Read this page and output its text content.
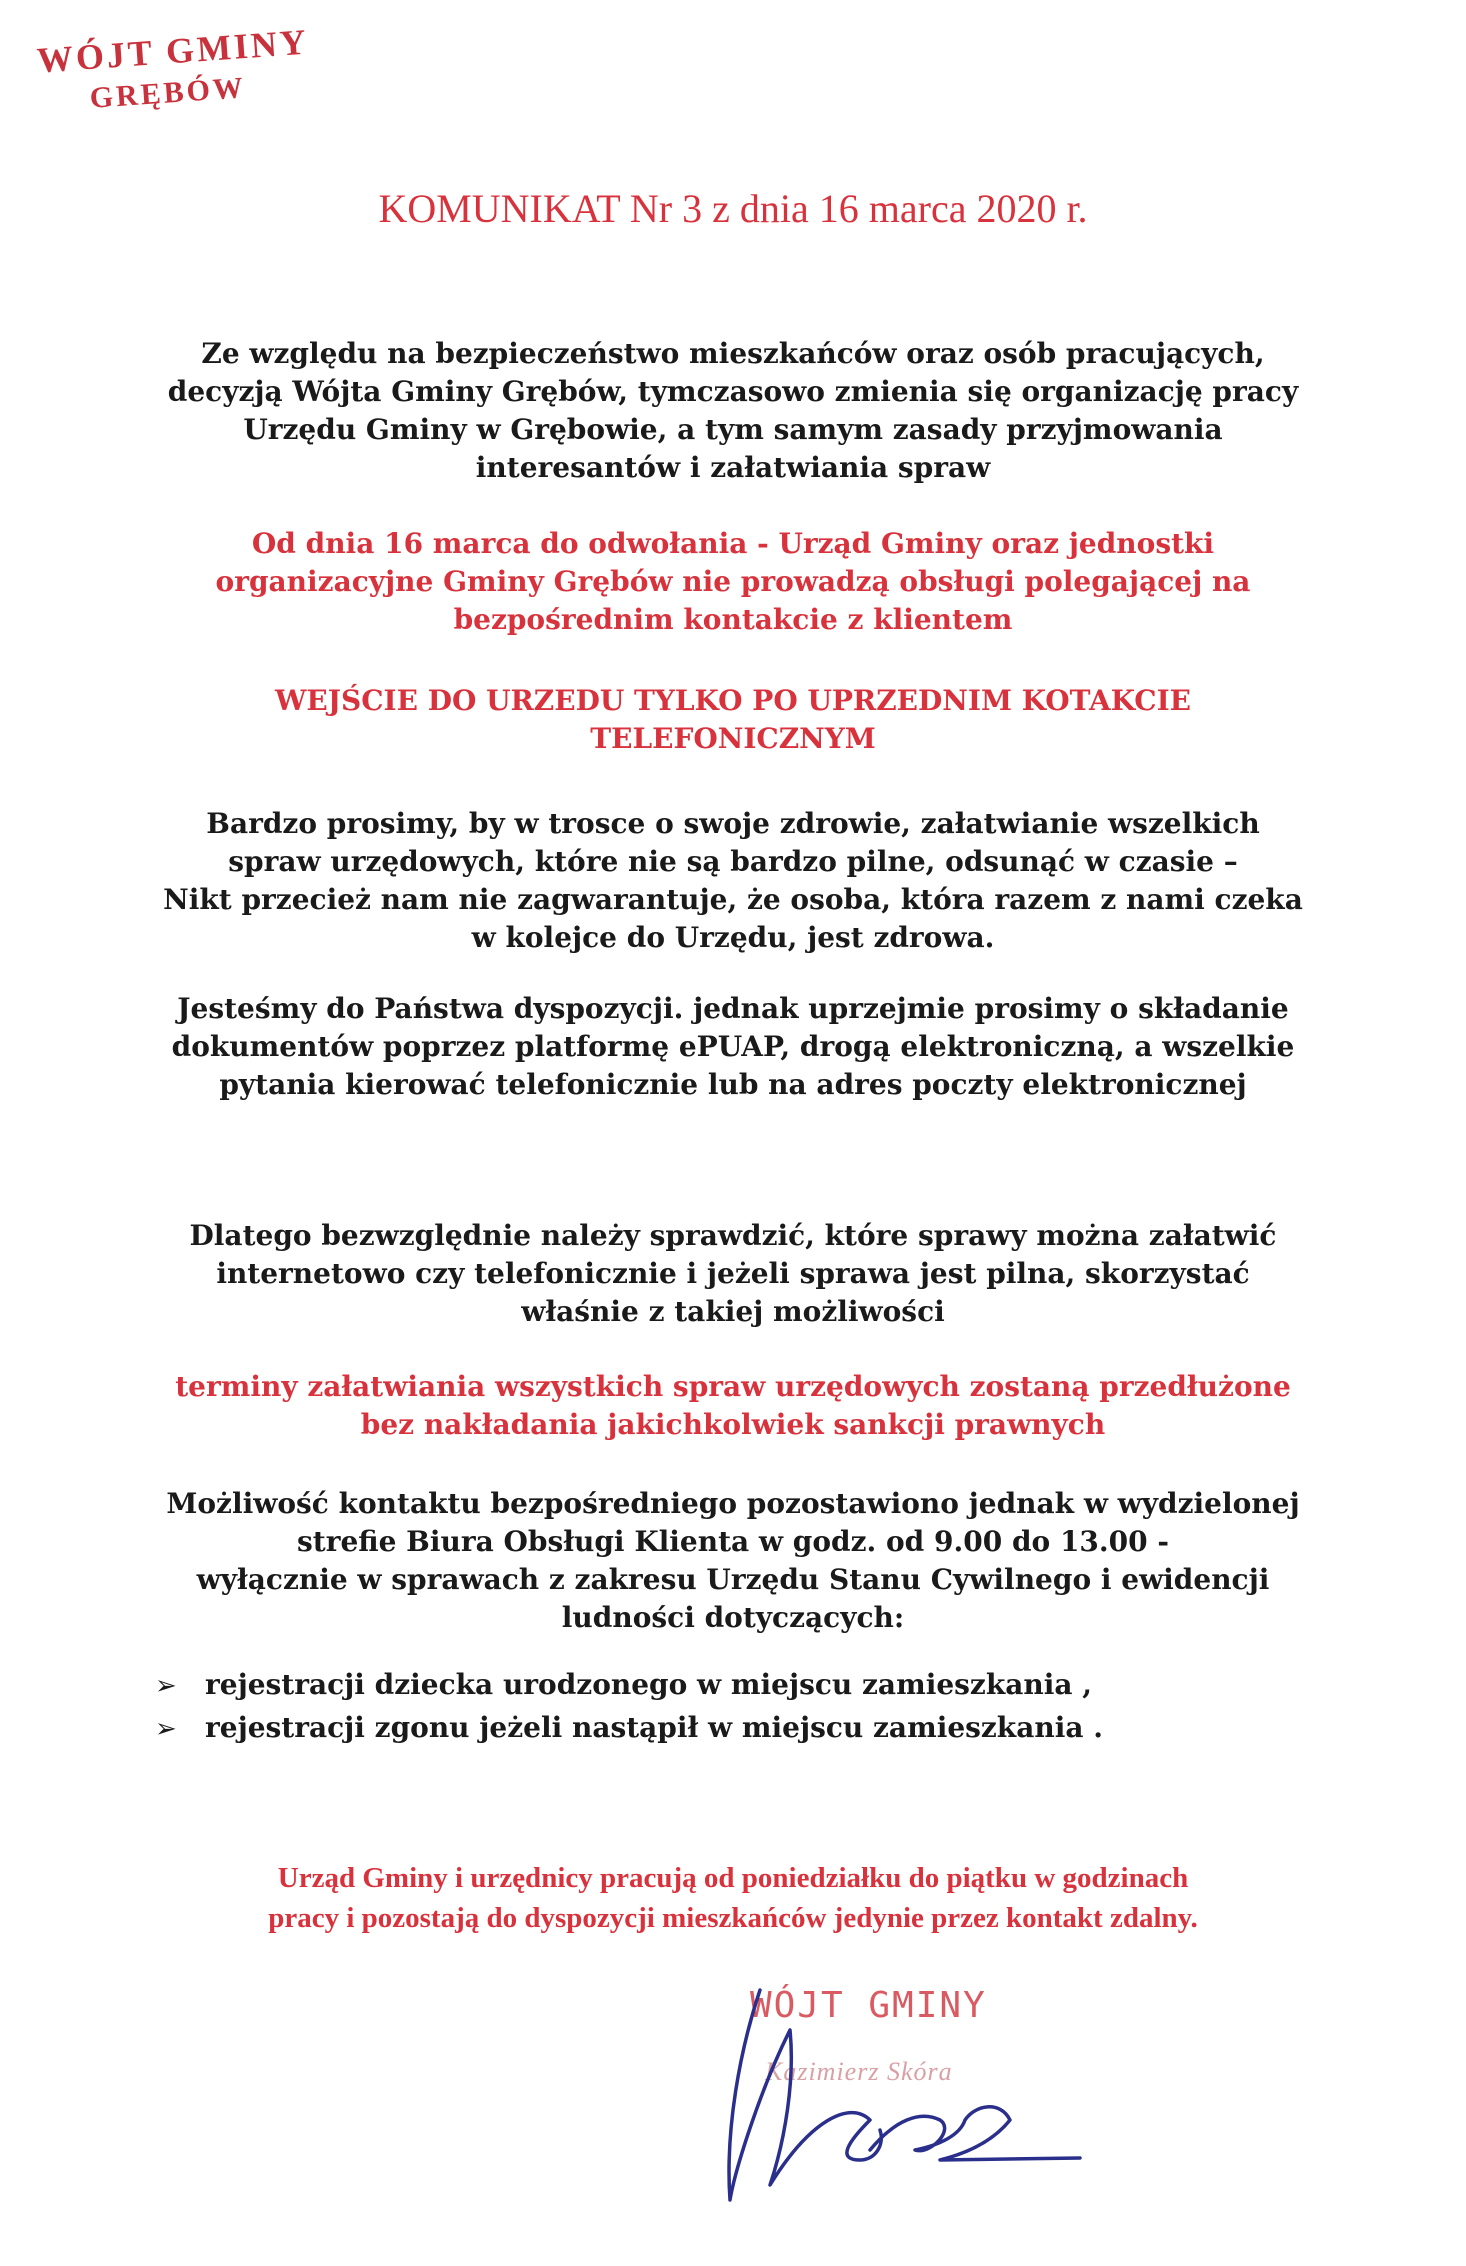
WÓJT GMINY
GRĘBÓW
KOMUNIKAT Nr 3 z dnia 16 marca 2020 r.
Ze względu na bezpieczeństwo mieszkańców oraz osób pracujących,
decyzją Wójta Gminy Grębów, tymczasowo zmienia się organizację pracy
Urzędu Gminy w Grębowie, a tym samym zasady przyjmowania
interesantów i załatwiania spraw
Od dnia 16 marca do odwołania - Urząd Gminy oraz jednostki
organizacyjne Gminy Grębów nie prowadzą obsługi polegającej na
bezpośrednim kontakcie z klientem
WEJŚCIE DO URZEDU TYLKO PO UPRZEDNIM KOTAKCIE
TELEFONICZNYM
Bardzo prosimy, by w trosce o swoje zdrowie, załatwianie wszelkich
spraw urzędowych, które nie są bardzo pilne, odsunąć w czasie –
Nikt przecież nam nie zagwarantuje, że osoba, która razem z nami czeka
w kolejce do Urzędu, jest zdrowa.
Jesteśmy do Państwa dyspozycji. jednak uprzejmie prosimy o składanie
dokumentów poprzez platformę ePUAP, drogą elektroniczną, a wszelkie
pytania kierować telefonicznie lub na adres poczty elektronicznej
Dlatego bezwzględnie należy sprawdzić, które sprawy można załatwić
internetowo czy telefonicznie i jeżeli sprawa jest pilna, skorzystać
właśnie z takiej możliwości
terminy załatwiania wszystkich spraw urzędowych zostaną przedłużone
bez nakładania jakichkolwiek sankcji prawnych
Możliwość kontaktu bezpośredniego pozostawiono jednak w wydzielonej
strefie Biura Obsługi Klienta w godz. od 9.00 do 13.00 -
wyłącznie w sprawach z zakresu Urzędu Stanu Cywilnego i ewidencji
ludności dotyczących:
➢ rejestracji dziecka urodzonego w miejscu zamieszkania ,
➢ rejestracji zgonu jeżeli nastąpił w miejscu zamieszkania .
Urząd Gminy i urzędnicy pracują od poniedziałku do piątku w godzinach
pracy i pozostają do dyspozycji mieszkańców jedynie przez kontakt zdalny.
WÓJT GMINY
Kazimierz Skóra
